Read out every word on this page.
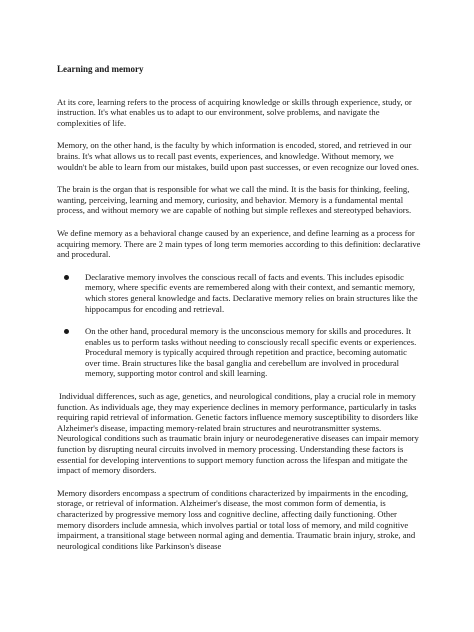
Learning and memory

At its core, learning refers to the process of acquiring knowledge or skills through experience, study, or instruction. It's what enables us to adapt to our environment, solve problems, and navigate the complexities of life.

Memory, on the other hand, is the faculty by which information is encoded, stored, and retrieved in our brains. It's what allows us to recall past events, experiences, and knowledge. Without memory, we wouldn't be able to learn from our mistakes, build upon past successes, or even recognize our loved ones.

The brain is the organ that is responsible for what we call the mind. It is the basis for thinking, feeling, wanting, perceiving, learning and memory, curiosity, and behavior. Memory is a fundamental mental process, and without memory we are capable of nothing but simple reflexes and stereotyped behaviors.

We define memory as a behavioral change caused by an experience, and define learning as a process for acquiring memory. There are 2 main types of long term memories according to this definition: declarative and procedural.

Declarative memory involves the conscious recall of facts and events. This includes episodic memory, where specific events are remembered along with their context, and semantic memory, which stores general knowledge and facts. Declarative memory relies on brain structures like the hippocampus for encoding and retrieval.
On the other hand, procedural memory is the unconscious memory for skills and procedures. It enables us to perform tasks without needing to consciously recall specific events or experiences. Procedural memory is typically acquired through repetition and practice, becoming automatic over time. Brain structures like the basal ganglia and cerebellum are involved in procedural memory, supporting motor control and skill learning.

Individual differences, such as age, genetics, and neurological conditions, play a crucial role in memory function. As individuals age, they may experience declines in memory performance, particularly in tasks requiring rapid retrieval of information. Genetic factors influence memory susceptibility to disorders like Alzheimer's disease, impacting memory-related brain structures and neurotransmitter systems. Neurological conditions such as traumatic brain injury or neurodegenerative diseases can impair memory function by disrupting neural circuits involved in memory processing. Understanding these factors is essential for developing interventions to support memory function across the lifespan and mitigate the impact of memory disorders.

Memory disorders encompass a spectrum of conditions characterized by impairments in the encoding, storage, or retrieval of information. Alzheimer's disease, the most common form of dementia, is characterized by progressive memory loss and cognitive decline, affecting daily functioning. Other memory disorders include amnesia, which involves partial or total loss of memory, and mild cognitive impairment, a transitional stage between normal aging and dementia. Traumatic brain injury, stroke, and neurological conditions like Parkinson's disease
